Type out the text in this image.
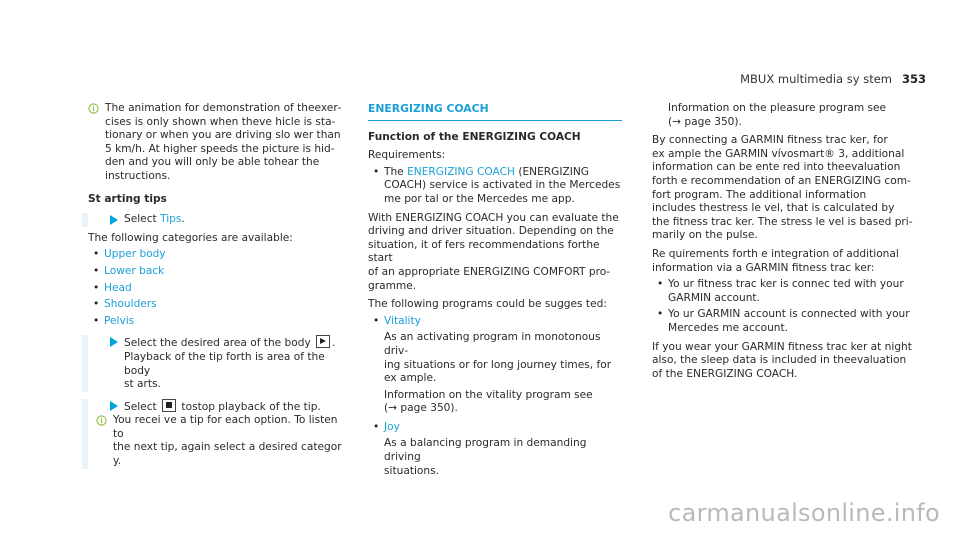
MBUX multimedia sy stem 353

The animation for demonstration of theexer‐

cises is only shown when theve hicle is sta‐

tionary or when you are driving slo wer than

5 km/h. At higher speeds the picture is hid‐

den and you will only be able tohear the

instructions.

St arting tips

Select Tips.

The following categories are available:

• Upper body
• Lower back
• Head
• Shoulders
• Pelvis

Select the desired area of the body .

Playback of the tip forth is area of the body

st arts.

Select  tostop playback of the tip.

You recei ve a tip for each option. To listen to

the next tip, again select a desired categor y.

ENERGIZING COACH

Function of the ENERGIZING COACH

Requirements:

• The ENERGIZING COACH (ENERGIZING
COACH) service is activated in the Mercedes
me por tal or the Mercedes me app.

With ENERGIZING COACH you can evaluate the

driving and driver situation. Depending on the

situation, it of fers recommendations forthe start

of an appropriate ENERGIZING COMFORT pro‐

gramme.

The following programs could be sugges ted:

• Vitality

As an activating program in monotonous driv‐

ing situations or for long journey times, for

ex ample.

Information on the vitality program see

(→ page 350).

• Joy

As a balancing program in demanding driving

situations.

Information on the pleasure program see

(→ page 350).

By connecting a GARMIN fitness trac ker, for

ex ample the GARMIN vívosmart® 3, additional

information can be ente red into theevaluation

forth e recommendation of an ENERGIZING com‐

fort program. The additional information

includes thestress le vel, that is calculated by

the fitness trac ker. The stress le vel is based pri‐

marily on the pulse.

Re quirements forth e integration of additional

information via a GARMIN fitness trac ker:

• Yo ur fitness trac ker is connec ted with your

GARMIN account.

• Yo ur GARMIN account is connected with your

Mercedes me account.

If you wear your GARMIN fitness trac ker at night

also, the sleep data is included in theevaluation

of the ENERGIZING COACH.

carmanualsonline.info
